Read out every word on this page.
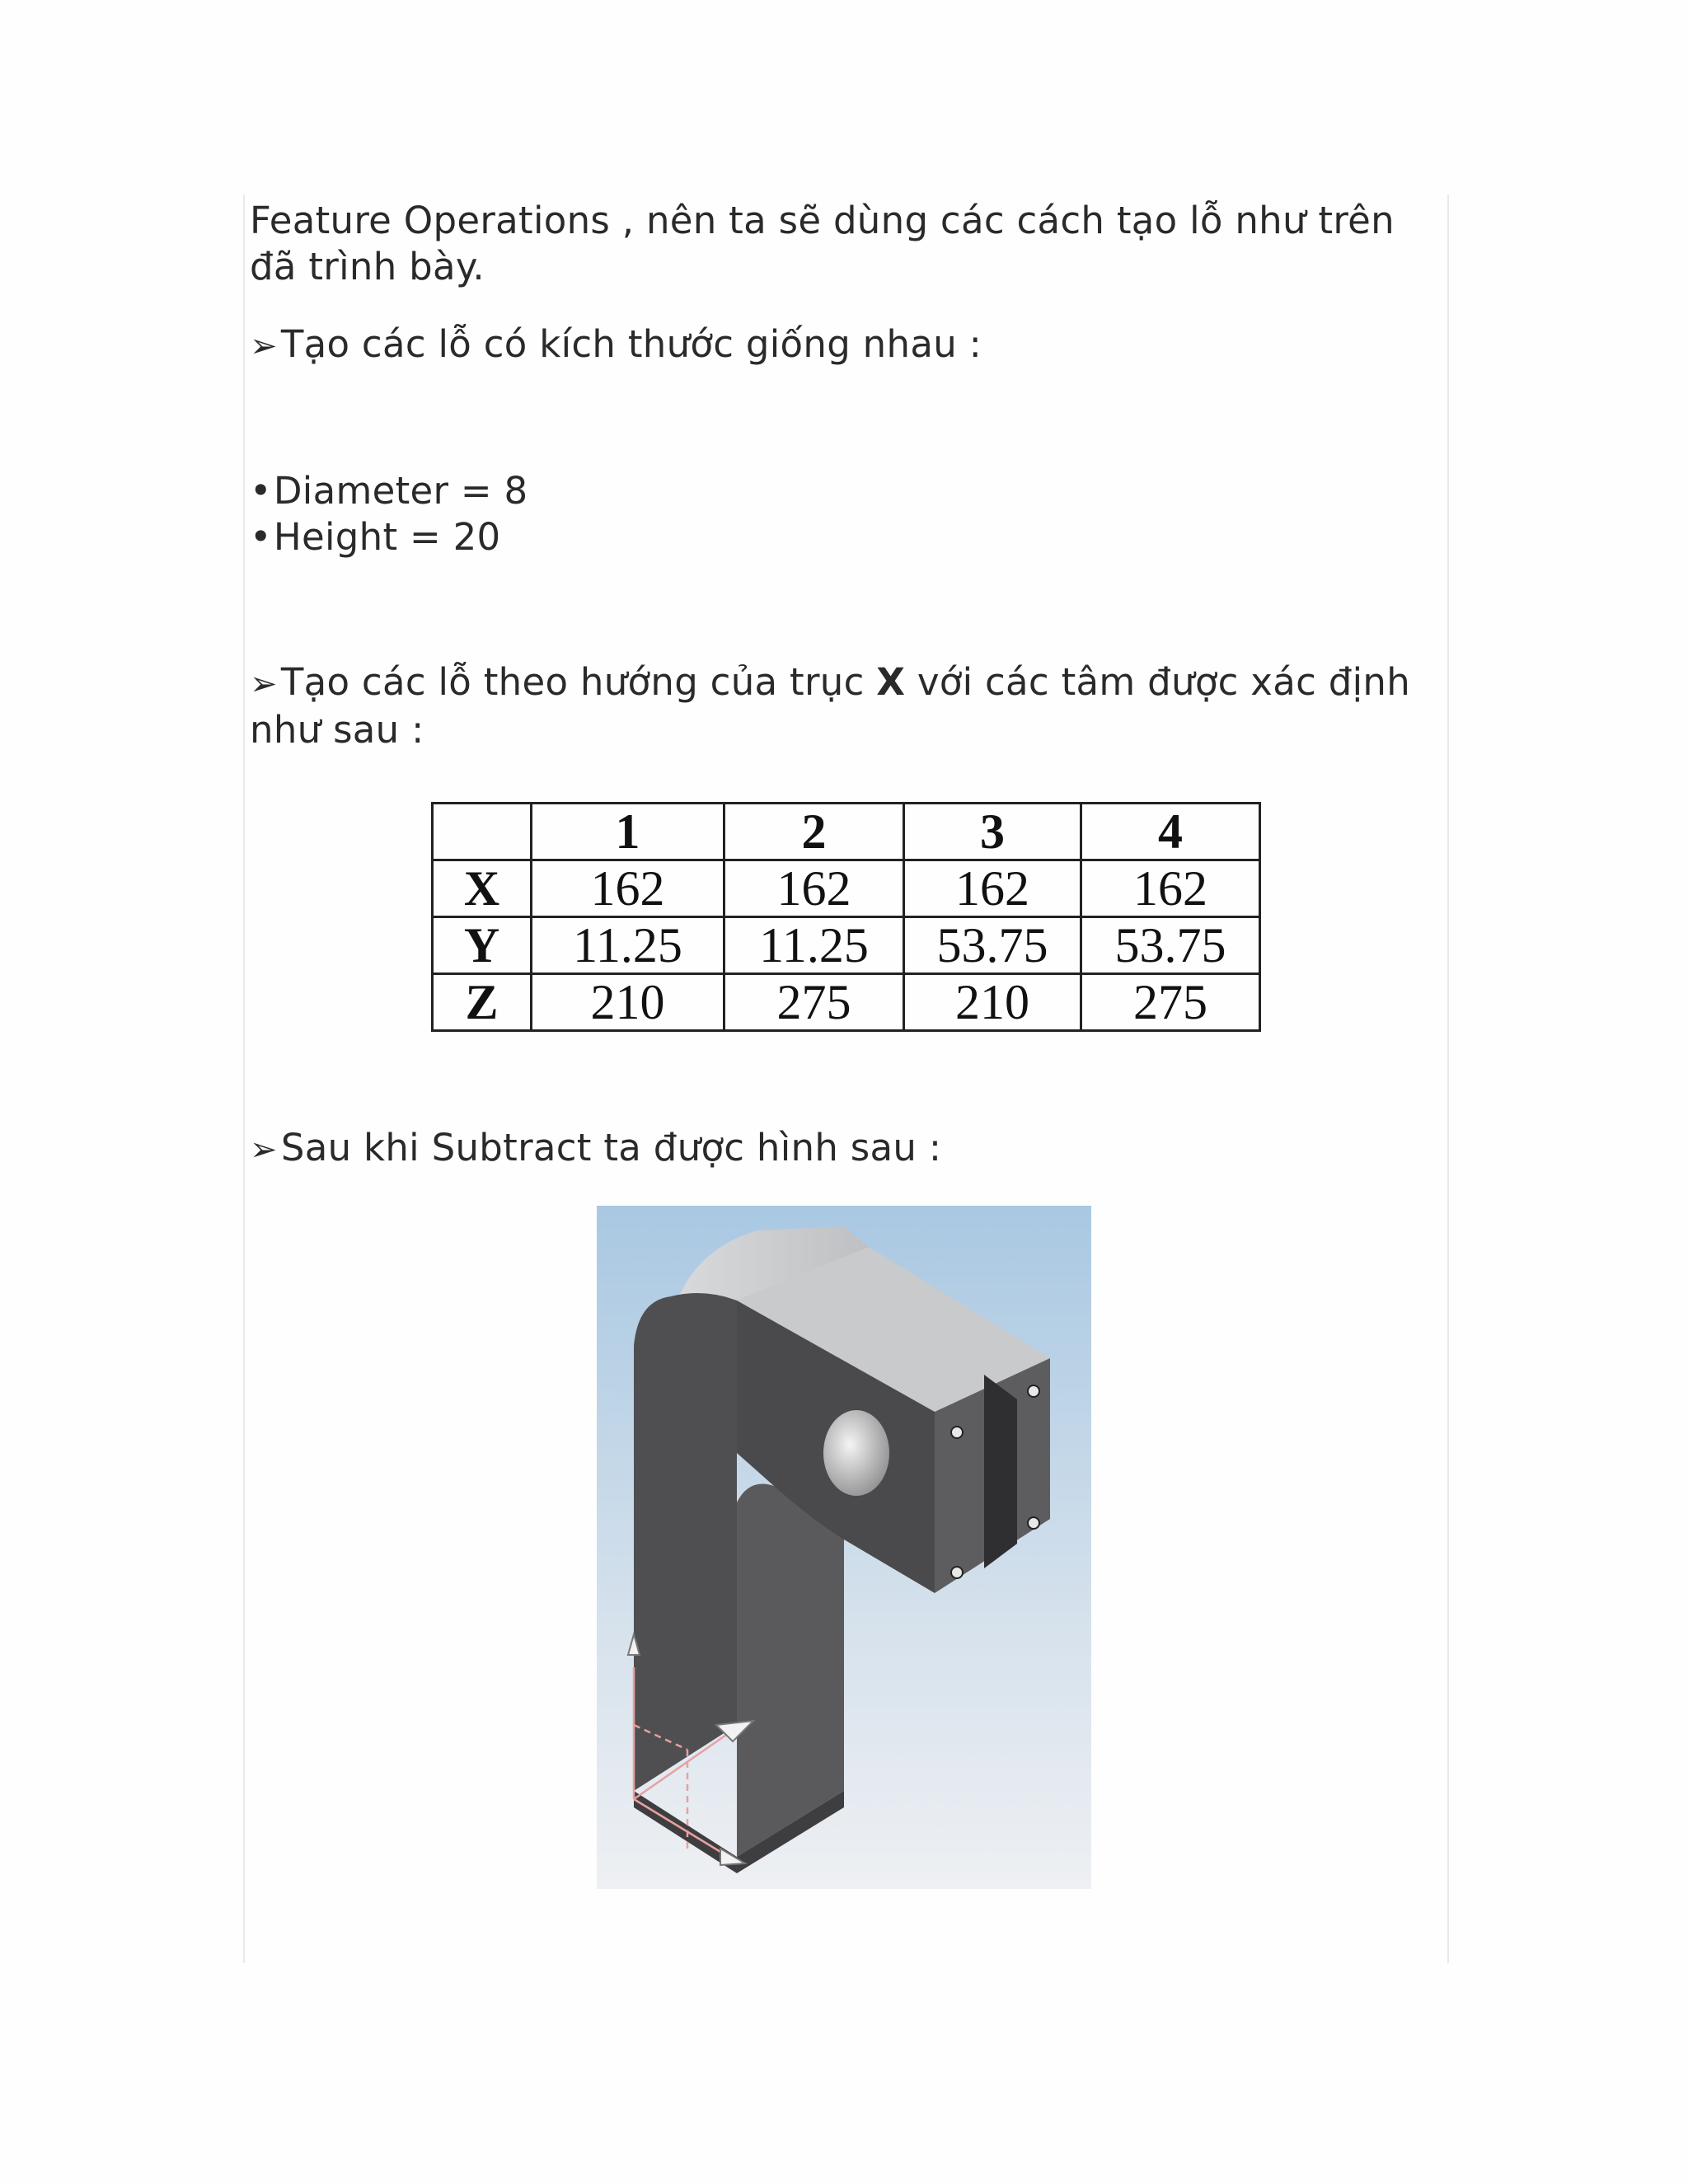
Feature Operations , nên ta sẽ dùng các cách tạo lỗ như trên

đã trình bày.

➢Tạo các lỗ có kích thước giống nhau :

•Diameter = 8

•Height = 20

➢Tạo các lỗ theo hướng của trục X với các tâm được xác định

như sau :

➢Sau khi Subtract ta được hình sau :

	1	2	3	4
X	162	162	162	162
Y	11.25	11.25	53.75	53.75
Z	210	275	210	275
